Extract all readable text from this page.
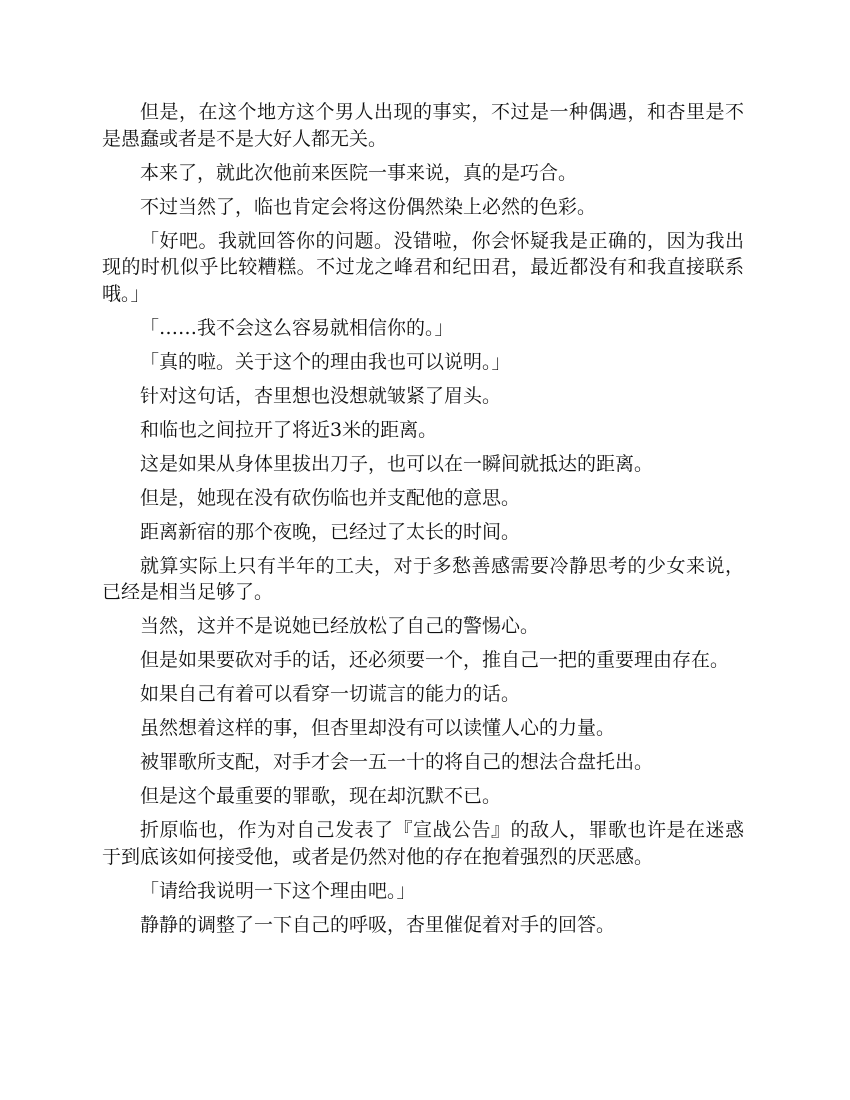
但是，在这个地方这个男人出现的事实，不过是一种偶遇，和杏里是不是愚蠢或者是不是大好人都无关。

本来了，就此次他前来医院一事来说，真的是巧合。

不过当然了，临也肯定会将这份偶然染上必然的色彩。

「好吧。我就回答你的问题。没错啦，你会怀疑我是正确的，因为我出现的时机似乎比较糟糕。不过龙之峰君和纪田君，最近都没有和我直接联系哦。」

「……我不会这么容易就相信你的。」

「真的啦。关于这个的理由我也可以说明。」

针对这句话，杏里想也没想就皱紧了眉头。

和临也之间拉开了将近3米的距离。

这是如果从身体里拔出刀子，也可以在一瞬间就抵达的距离。

但是，她现在没有砍伤临也并支配他的意思。

距离新宿的那个夜晚，已经过了太长的时间。

就算实际上只有半年的工夫，对于多愁善感需要冷静思考的少女来说，已经是相当足够了。

当然，这并不是说她已经放松了自己的警惕心。

但是如果要砍对手的话，还必须要一个，推自己一把的重要理由存在。

如果自己有着可以看穿一切谎言的能力的话。

虽然想着这样的事，但杏里却没有可以读懂人心的力量。

被罪歌所支配，对手才会一五一十的将自己的想法合盘托出。

但是这个最重要的罪歌，现在却沉默不已。

折原临也，作为对自己发表了『宣战公告』的敌人，罪歌也许是在迷惑于到底该如何接受他，或者是仍然对他的存在抱着强烈的厌恶感。

「请给我说明一下这个理由吧。」

静静的调整了一下自己的呼吸，杏里催促着对手的回答。
